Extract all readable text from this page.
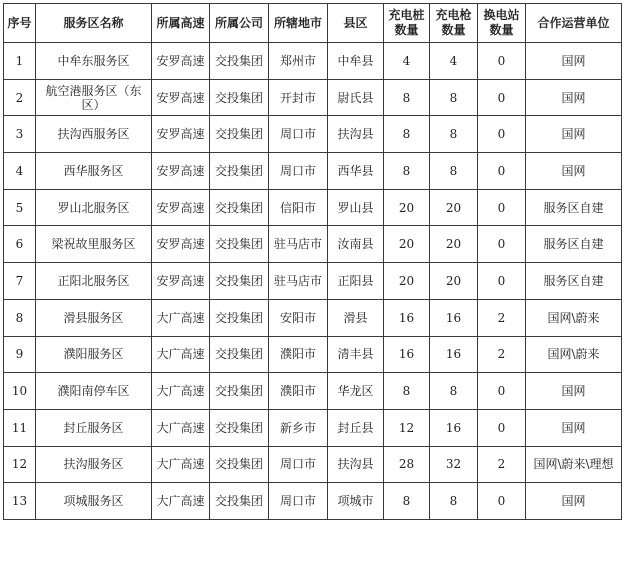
序号	服务区名称	所属高速	所属公司	所辖地市	县区	充电桩数量	充电枪数量	换电站数量	合作运营单位
1	中牟东服务区	安罗高速	交投集团	郑州市	中牟县	4	4	0	国网
2	航空港服务区（东区）	安罗高速	交投集团	开封市	尉氏县	8	8	0	国网
3	扶沟西服务区	安罗高速	交投集团	周口市	扶沟县	8	8	0	国网
4	西华服务区	安罗高速	交投集团	周口市	西华县	8	8	0	国网
5	罗山北服务区	安罗高速	交投集团	信阳市	罗山县	20	20	0	服务区自建
6	梁祝故里服务区	安罗高速	交投集团	驻马店市	汝南县	20	20	0	服务区自建
7	正阳北服务区	安罗高速	交投集团	驻马店市	正阳县	20	20	0	服务区自建
8	滑县服务区	大广高速	交投集团	安阳市	滑县	16	16	2	国网\蔚来
9	濮阳服务区	大广高速	交投集团	濮阳市	清丰县	16	16	2	国网\蔚来
10	濮阳南停车区	大广高速	交投集团	濮阳市	华龙区	8	8	0	国网
11	封丘服务区	大广高速	交投集团	新乡市	封丘县	12	16	0	国网
12	扶沟服务区	大广高速	交投集团	周口市	扶沟县	28	32	2	国网\蔚来\理想
13	项城服务区	大广高速	交投集团	周口市	项城市	8	8	0	国网
